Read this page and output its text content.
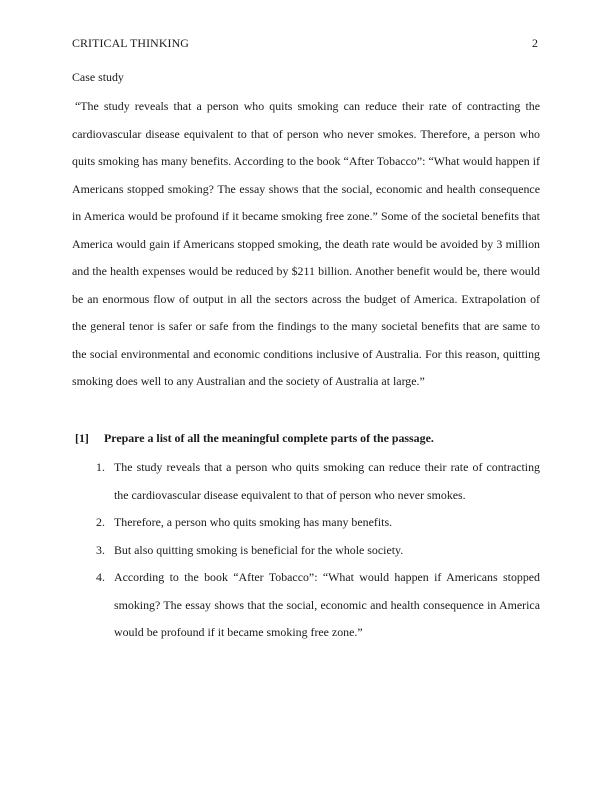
CRITICAL THINKING	2
Case study

“The study reveals that a person who quits smoking can reduce their rate of contracting the cardiovascular disease equivalent to that of person who never smokes. Therefore, a person who quits smoking has many benefits. According to the book “After Tobacco”: “What would happen if Americans stopped smoking? The essay shows that the social, economic and health consequence in America would be profound if it became smoking free zone.” Some of the societal benefits that America would gain if Americans stopped smoking, the death rate would be avoided by 3 million and the health expenses would be reduced by $211 billion. Another benefit would be, there would be an enormous flow of output in all the sectors across the budget of America. Extrapolation of the general tenor is safer or safe from the findings to the many societal benefits that are same to the social environmental and economic conditions inclusive of Australia. For this reason, quitting smoking does well to any Australian and the society of Australia at large.”

[1] Prepare a list of all the meaningful complete parts of the passage.
1. The study reveals that a person who quits smoking can reduce their rate of contracting the cardiovascular disease equivalent to that of person who never smokes.
2. Therefore, a person who quits smoking has many benefits.
3. But also quitting smoking is beneficial for the whole society.
4. According to the book “After Tobacco”: “What would happen if Americans stopped smoking? The essay shows that the social, economic and health consequence in America would be profound if it became smoking free zone.”
